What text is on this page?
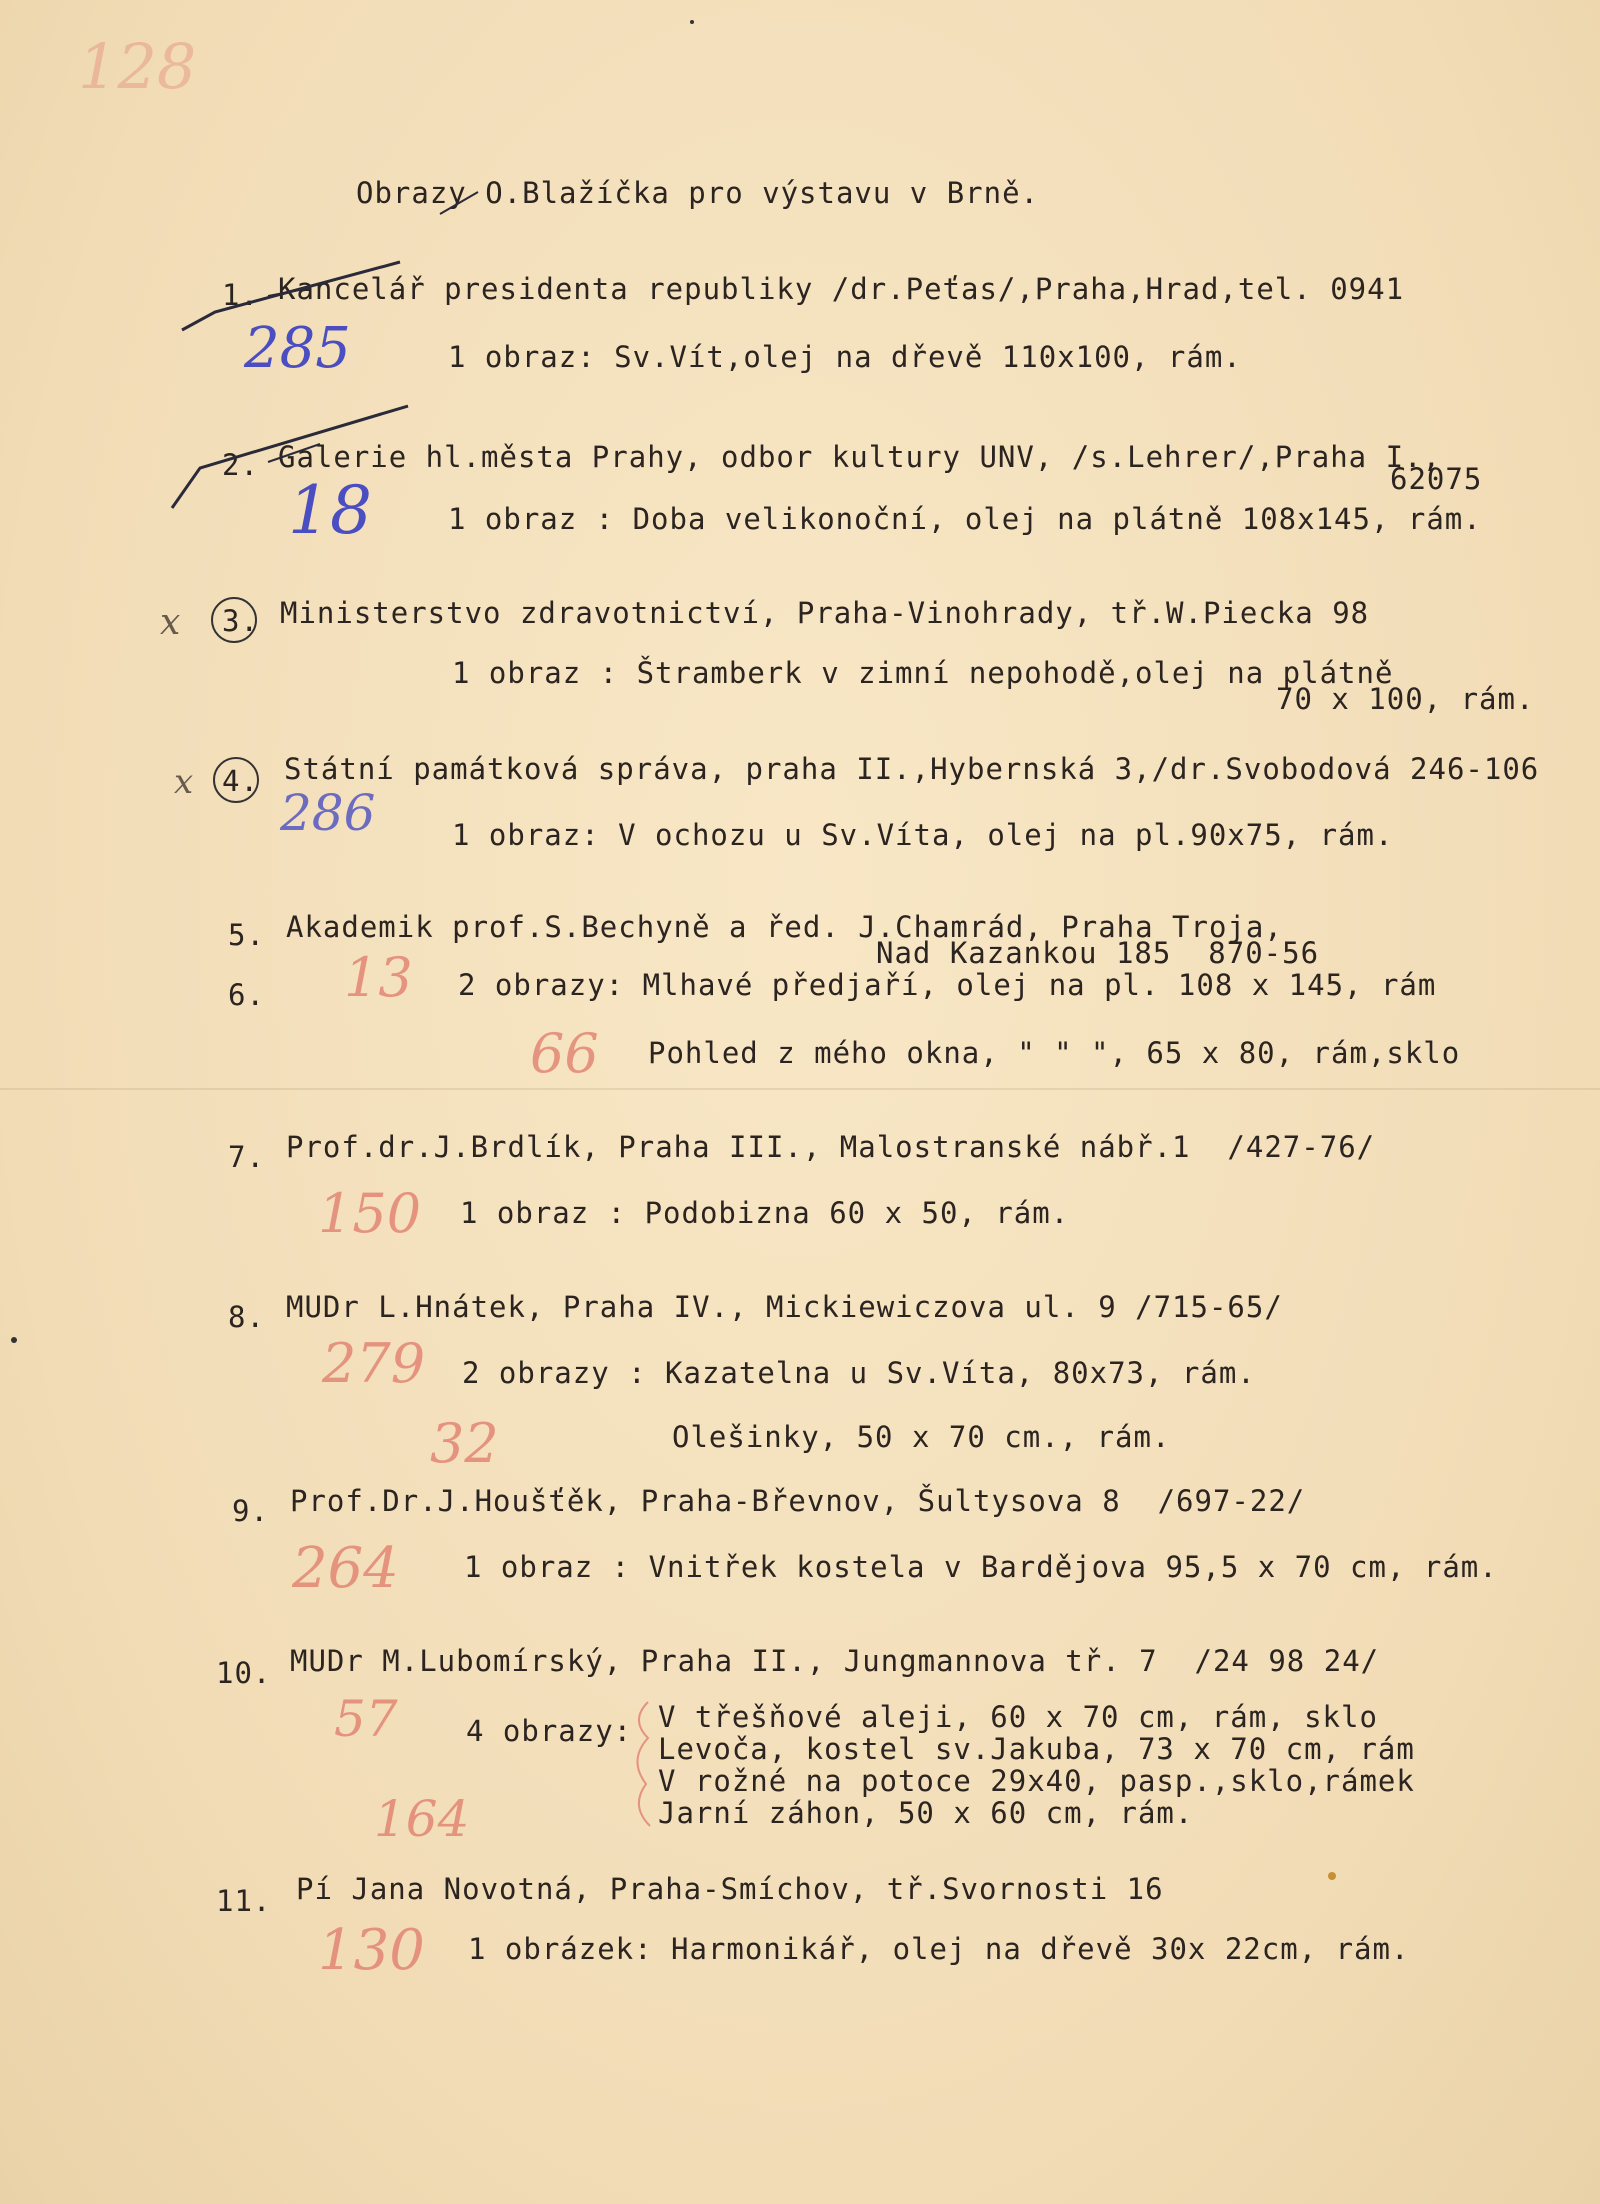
128
Obrazy O.Blažíčka pro výstavu v Brně.
1. Kancelář presidenta republiky /dr.Peťas/,Praha,Hrad,tel. 0941
285	1 obraz: Sv.Vít,olej na dřevě 110x100, rám.
2. Galerie hl.města Prahy, odbor kultury UNV, /s.Lehrer/,Praha I.,
62075
18	1 obraz : Doba velikonoční, olej na plátně 108x145, rám.
x 3. Ministerstvo zdravotnictví, Praha-Vinohrady, tř.W.Piecka 98
1 obraz : Štramberk v zimní nepohodě,olej na plátně
70 x 100, rám.
x 4. Státní památková správa, praha II.,Hybernská 3,/dr.Svobodová 246-106
286	1 obraz: V ochozu u Sv.Víta, olej na pl.90x75, rám.
5. Akademik prof.S.Bechyně a řed. J.Chamrád, Praha Troja,
Nad Kazankou 185  870-56
6. 13 2 obrazy: Mlhavé předjaří, olej na pl. 108 x 145, rám
66 Pohled z mého okna, " " ", 65 x 80, rám,sklo
7. Prof.dr.J.Brdlík, Praha III., Malostranské nábř.1  /427-76/
150 1 obraz : Podobizna 60 x 50, rám.
8. MUDr L.Hnátek, Praha IV., Mickiewiczova ul. 9 /715-65/
279 2 obrazy : Kazatelna u Sv.Víta, 80x73, rám.
32	Olešinky, 50 x 70 cm., rám.
9. Prof.Dr.J.Houšťěk, Praha-Břevnov, Šultysova 8  /697-22/
264 1 obraz : Vnitřek kostela v Bardějova 95,5 x 70 cm, rám.
10. MUDr M.Lubomírský, Praha II., Jungmannova tř. 7  /24 98 24/
57
164
4 obrazy: V třešňové aleji, 60 x 70 cm, rám, sklo
Levoča, kostel sv.Jakuba, 73 x 70 cm, rám
V rožné na potoce 29x40, pasp.,sklo,rámek
Jarní záhon, 50 x 60 cm, rám.
11. Pí Jana Novotná, Praha-Smíchov, tř.Svornosti 16
130 1 obrázek: Harmonikář, olej na dřevě 30x 22cm, rám.
